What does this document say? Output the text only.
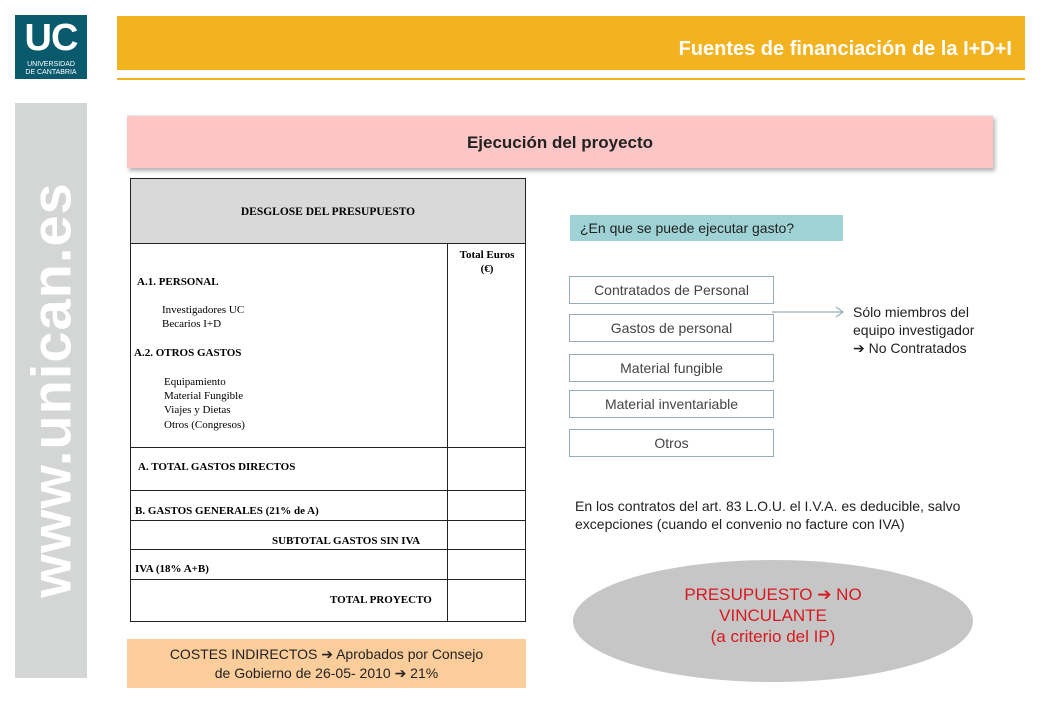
UC
UNIVERSIDAD
DE CANTABRIA
Fuentes de financiación de la I+D+I
www.unican.es
Ejecución del proyecto
DESGLOSE DEL PRESUPUESTO
Total Euros
(€)
A.1. PERSONAL
Investigadores UC
Becarios I+D
A.2. OTROS GASTOS
Equipamiento
Material Fungible
Viajes y Dietas
Otros (Congresos)
A. TOTAL GASTOS DIRECTOS
B. GASTOS GENERALES (21% de A)
SUBTOTAL GASTOS SIN IVA
IVA (18% A+B)
TOTAL PROYECTO
COSTES INDIRECTOS ➔ Aprobados por Consejo
de Gobierno de 26-05- 2010 ➔ 21%
¿En que se puede ejecutar gasto?
Contratados de Personal
Gastos de personal
Material fungible
Material inventariable
Otros
Sólo miembros del
equipo investigador
➔ No Contratados
En los contratos del art. 83 L.O.U. el I.V.A. es deducible, salvo excepciones (cuando el convenio no facture con IVA)
PRESUPUESTO ➔ NO
VINCULANTE
(a criterio del IP)
